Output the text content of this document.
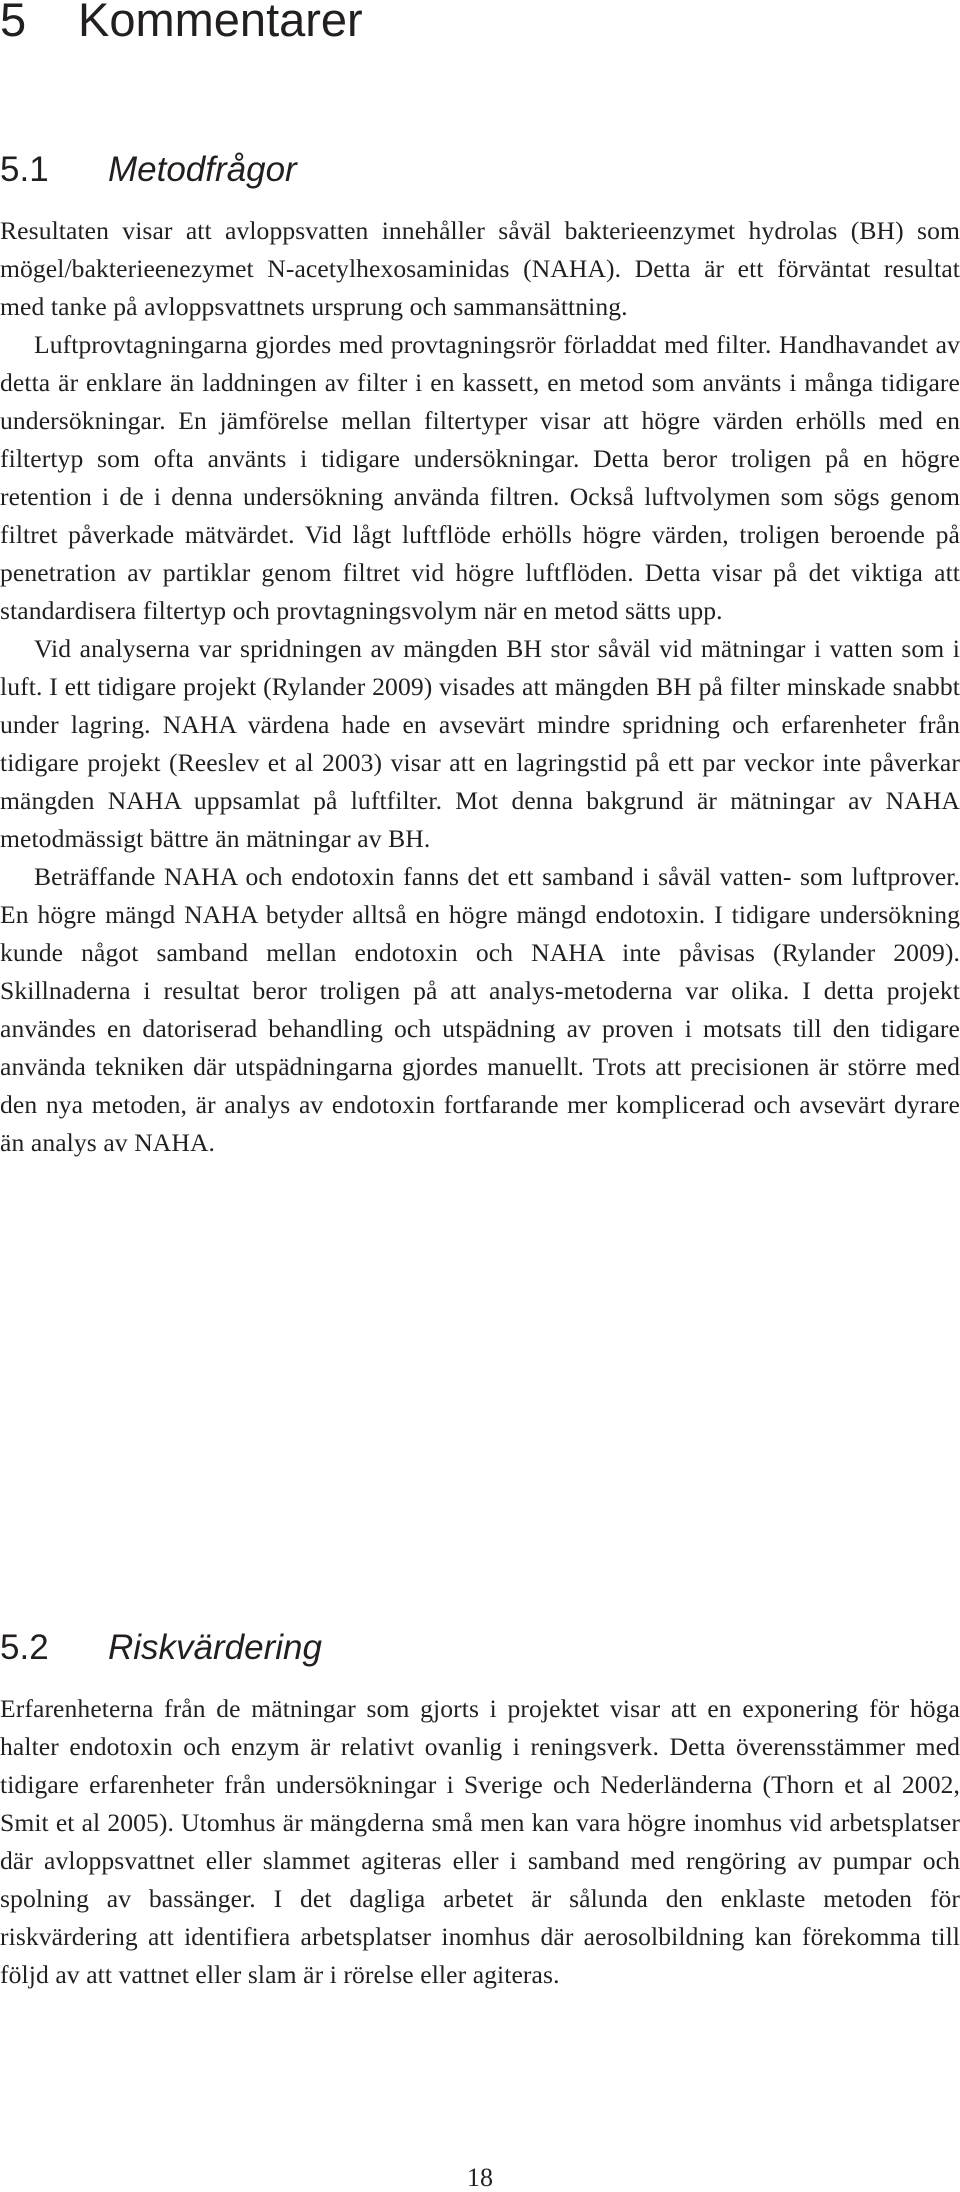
5 Kommentarer
5.1 Metodfrågor

Resultaten visar att avloppsvatten innehåller såväl bakterieenzymet hydrolas (BH) som mögel/bakterieenezymet N-acetylhexosaminidas (NAHA). Detta är ett förväntat resultat med tanke på avloppsvattnets ursprung och sammansättning.

Luftprovtagningarna gjordes med provtagningsrör förladdat med filter. Handhavandet av detta är enklare än laddningen av filter i en kassett, en metod som använts i många tidigare undersökningar. En jämförelse mellan filtertyper visar att högre värden erhölls med en filtertyp som ofta använts i tidigare undersökningar. Detta beror troligen på en högre retention i de i denna undersökning använda filtren. Också luftvolymen som sögs genom filtret påverkade mätvärdet. Vid lågt luftflöde erhölls högre värden, troligen beroende på penetration av partiklar genom filtret vid högre luftflöden. Detta visar på det viktiga att standardisera filtertyp och provtagningsvolym när en metod sätts upp.

Vid analyserna var spridningen av mängden BH stor såväl vid mätningar i vatten som i luft. I ett tidigare projekt (Rylander 2009) visades att mängden BH på filter minskade snabbt under lagring. NAHA värdena hade en avsevärt mindre spridning och erfarenheter från tidigare projekt (Reeslev et al 2003) visar att en lagringstid på ett par veckor inte påverkar mängden NAHA uppsamlat på luftfilter. Mot denna bakgrund är mätningar av NAHA metodmässigt bättre än mätningar av BH.

Beträffande NAHA och endotoxin fanns det ett samband i såväl vatten- som luftprover. En högre mängd NAHA betyder alltså en högre mängd endotoxin. I tidigare undersökning kunde något samband mellan endotoxin och NAHA inte påvisas (Rylander 2009). Skillnaderna i resultat beror troligen på att analys-metoderna var olika. I detta projekt användes en datoriserad behandling och utspädning av proven i motsats till den tidigare använda tekniken där utspädningarna gjordes manuellt. Trots att precisionen är större med den nya metoden, är analys av endotoxin fortfarande mer komplicerad och avsevärt dyrare än analys av NAHA.

5.2 Riskvärdering

Erfarenheterna från de mätningar som gjorts i projektet visar att en exponering för höga halter endotoxin och enzym är relativt ovanlig i reningsverk. Detta överensstämmer med tidigare erfarenheter från undersökningar i Sverige och Nederländerna (Thorn et al 2002, Smit et al 2005). Utomhus är mängderna små men kan vara högre inomhus vid arbetsplatser där avloppsvattnet eller slammet agiteras eller i samband med rengöring av pumpar och spolning av bassänger. I det dagliga arbetet är sålunda den enklaste metoden för riskvärdering att identifiera arbetsplatser inomhus där aerosolbildning kan förekomma till följd av att vattnet eller slam är i rörelse eller agiteras.

18
